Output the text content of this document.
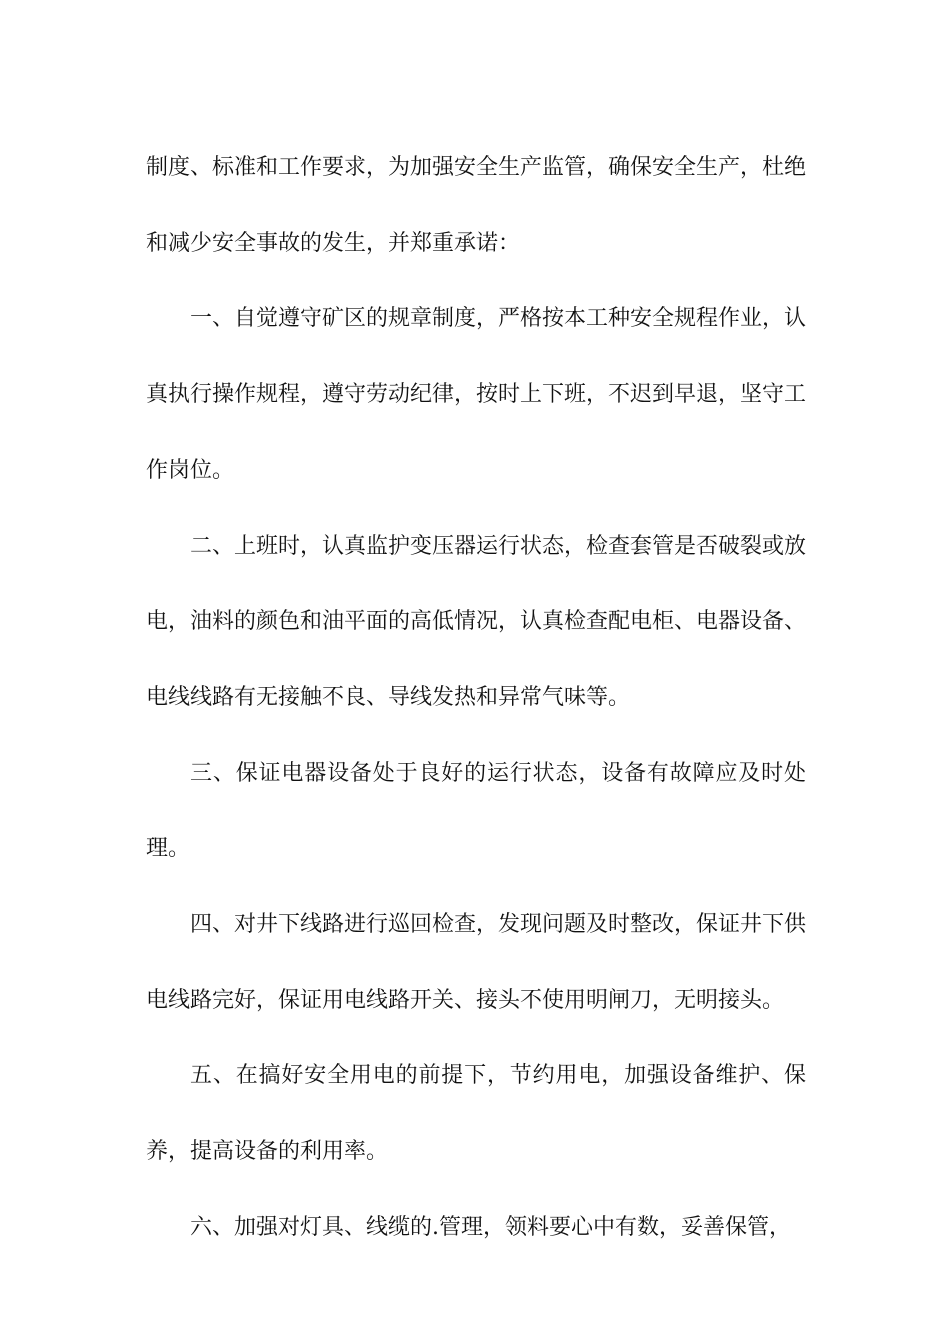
制度、标准和工作要求，为加强安全生产监管，确保安全生产，杜绝和减少安全事故的发生，并郑重承诺：

一、自觉遵守矿区的规章制度，严格按本工种安全规程作业，认真执行操作规程，遵守劳动纪律，按时上下班，不迟到早退，坚守工作岗位。

二、上班时，认真监护变压器运行状态，检查套管是否破裂或放电，油料的颜色和油平面的高低情况，认真检查配电柜、电器设备、电线线路有无接触不良、导线发热和异常气味等。

三、保证电器设备处于良好的运行状态，设备有故障应及时处理。

四、对井下线路进行巡回检查，发现问题及时整改，保证井下供电线路完好，保证用电线路开关、接头不使用明闸刀，无明接头。

五、在搞好安全用电的前提下，节约用电，加强设备维护、保养，提高设备的利用率。

六、加强对灯具、线缆的.管理，领料要心中有数，妥善保管，
